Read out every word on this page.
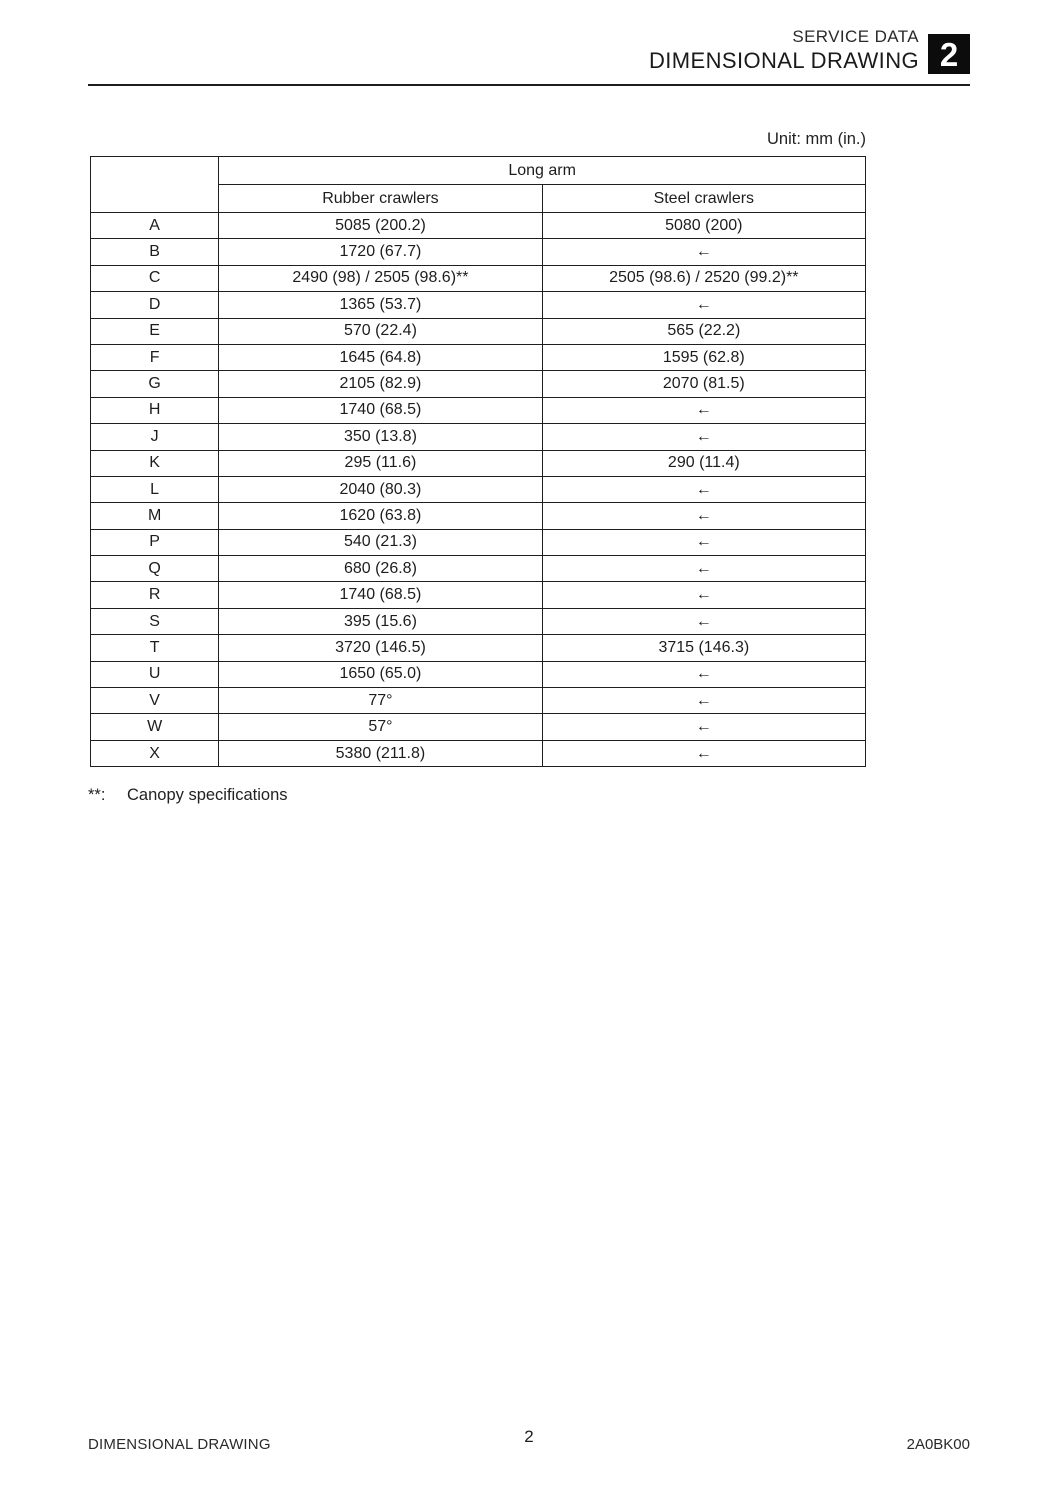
SERVICE DATA
DIMENSIONAL DRAWING 2
Unit: mm (in.)
	Long arm	
	Rubber crawlers	Steel crawlers
A	5085 (200.2)	5080 (200)
B	1720 (67.7)	←
C	2490 (98) / 2505 (98.6)**	2505 (98.6) / 2520 (99.2)**
D	1365 (53.7)	←
E	570 (22.4)	565 (22.2)
F	1645 (64.8)	1595 (62.8)
G	2105 (82.9)	2070 (81.5)
H	1740 (68.5)	←
J	350 (13.8)	←
K	295 (11.6)	290 (11.4)
L	2040 (80.3)	←
M	1620 (63.8)	←
P	540 (21.3)	←
Q	680 (26.8)	←
R	1740 (68.5)	←
S	395 (15.6)	←
T	3720 (146.5)	3715 (146.3)
U	1650 (65.0)	←
V	77°	←
W	57°	←
X	5380 (211.8)	←
**:	Canopy specifications
DIMENSIONAL DRAWING	2	2A0BK00
